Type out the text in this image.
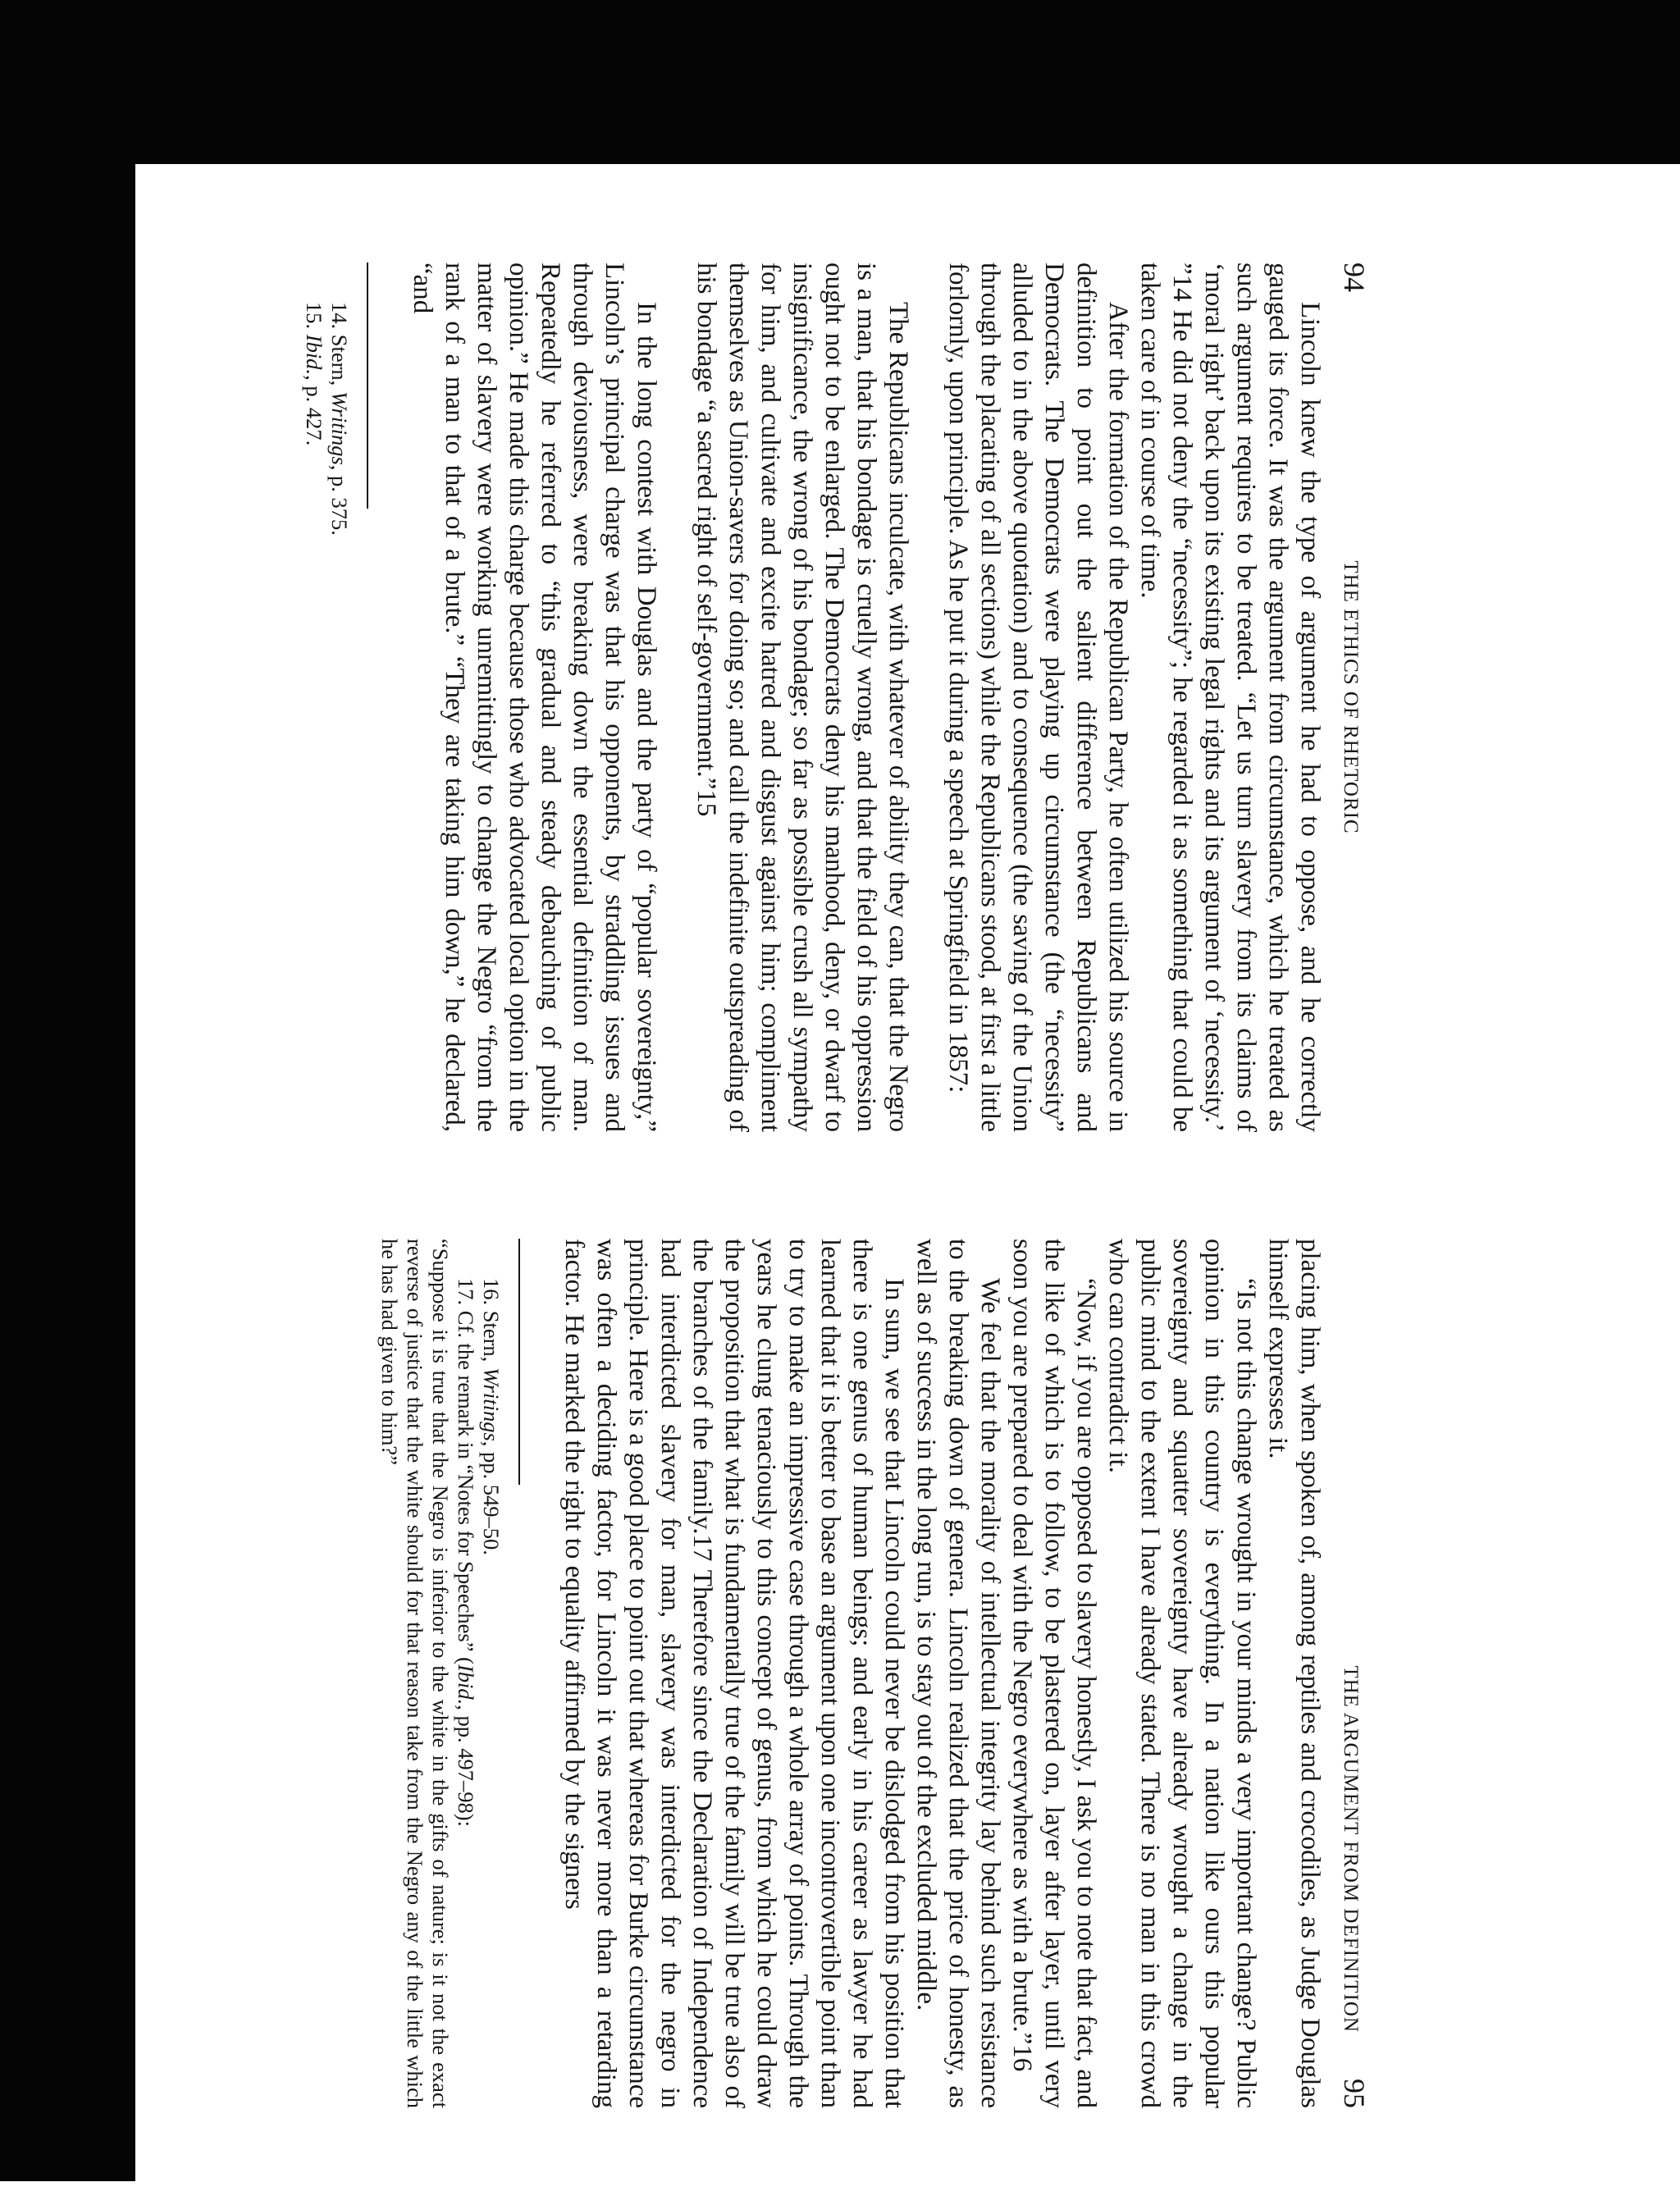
94
THE ETHICS OF RHETORIC

Lincoln knew the type of argument he had to oppose, and he correctly gauged its force. It was the argument from circumstance, which he treated as such argument requires to be treated. “Let us turn slavery from its claims of ‘moral right’ back upon its existing legal rights and its argument of ‘necessity.’ ”14 He did not deny the “necessity”; he regarded it as something that could be taken care of in course of time.

After the formation of the Republican Party, he often utilized his source in definition to point out the salient difference between Republicans and Democrats. The Democrats were playing up circumstance (the “necessity” alluded to in the above quotation) and to consequence (the saving of the Union through the placating of all sections) while the Republicans stood, at first a little forlornly, upon principle. As he put it during a speech at Springfield in 1857:

The Republicans inculcate, with whatever of ability they can, that the Negro is a man, that his bondage is cruelly wrong, and that the field of his oppression ought not to be enlarged. The Democrats deny his manhood, deny, or dwarf to insignificance, the wrong of his bondage; so far as possible crush all sympathy for him, and cultivate and excite hatred and disgust against him; compliment themselves as Union-savers for doing so; and call the indefinite outspreading of his bondage “a sacred right of self-government.”15

In the long contest with Douglas and the party of “popular sovereignty,” Lincoln’s principal charge was that his opponents, by straddling issues and through deviousness, were breaking down the essential definition of man. Repeatedly he referred to “this gradual and steady debauching of public opinion.” He made this charge because those who advocated local option in the matter of slavery were working unremittingly to change the Negro “from the rank of a man to that of a brute.” “They are taking him down,” he declared, “and

14. Stern, Writings, p. 375.

15. Ibid., p. 427.

THE ARGUMENT FROM DEFINITION
95

placing him, when spoken of, among reptiles and crocodiles, as Judge Douglas himself expresses it.

“Is not this change wrought in your minds a very important change? Public opinion in this country is everything. In a nation like ours this popular sovereignty and squatter sovereignty have already wrought a change in the public mind to the extent I have already stated. There is no man in this crowd who can contradict it.

“Now, if you are opposed to slavery honestly, I ask you to note that fact, and the like of which is to follow, to be plastered on, layer after layer, until very soon you are prepared to deal with the Negro everywhere as with a brute.”16

We feel that the morality of intellectual integrity lay behind such resistance to the breaking down of genera. Lincoln realized that the price of honesty, as well as of success in the long run, is to stay out of the excluded middle.

In sum, we see that Lincoln could never be dislodged from his position that there is one genus of human beings; and early in his career as lawyer he had learned that it is better to base an argument upon one incontrovertible point than to try to make an impressive case through a whole array of points. Through the years he clung tenaciously to this concept of genus, from which he could draw the proposition that what is fundamentally true of the family will be true also of the branches of the family.17 Therefore since the Declaration of Independence had interdicted slavery for man, slavery was interdicted for the negro in principle. Here is a good place to point out that whereas for Burke circumstance was often a deciding factor, for Lincoln it was never more than a retarding factor. He marked the right to equality affirmed by the signers

16. Stern, Writings, pp. 549–50.

17. Cf. the remark in “Notes for Speeches” (Ibid., pp. 497–98):

“Suppose it is true that the Negro is inferior to the white in the gifts of nature; is it not the exact reverse of justice that the white should for that reason take from the Negro any of the little which he has had given to him?”
